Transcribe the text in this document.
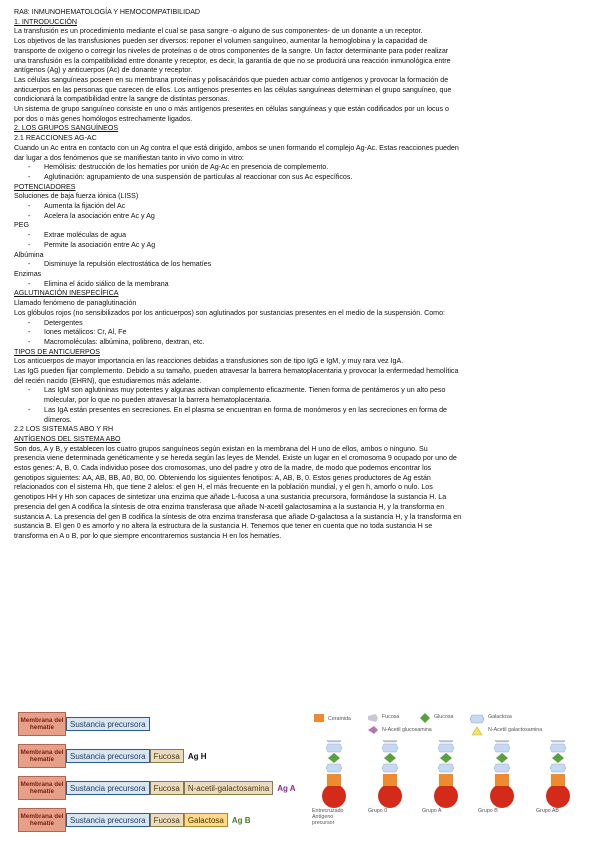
RA8: INMUNOHEMATOLOGÍA Y HEMOCOMPATIBILIDAD
1. INTRODUCCIÓN
La transfusión es un procedimiento mediante el cual se pasa sangre -o alguno de sus componentes- de un donante a un receptor.
Los objetivos de las transfusiones pueden ser diversos: reponer el volumen sanguíneo, aumentar la hemoglobina y la capacidad de
transporte de oxígeno o corregir los niveles de proteínas o de otros componentes de la sangre. Un factor determinante para poder realizar
una transfusión es la compatibilidad entre donante y receptor, es decir, la garantía de que no se producirá una reacción inmunológica entre
antígenos (Ag) y anticuerpos (Ac) de donante y receptor.
Las células sanguíneas poseen en su membrana proteínas y polisacáridos que pueden actuar como antígenos y provocar la formación de
anticuerpos en las personas que carecen de ellos. Los antígenos presentes en las células sanguíneas determinan el grupo sanguíneo, que
condicionará la compatibilidad entre la sangre de distintas personas.
Un sistema de grupo sanguíneo consiste en uno o más antígenos presentes en células sanguíneas y que están codificados por un locus o
por dos o más genes homólogos estrechamente ligados.
2. LOS GRUPOS SANGUÍNEOS
2.1 REACCIONES AG-AC
Cuando un Ac entra en contacto con un Ag contra el que está dirigido, ambos se unen formando el complejo Ag-Ac. Estas reacciones pueden
dar lugar a dos fenómenos que se manifiestan tanto in vivo como in vitro:
- Hemólisis: destrucción de los hematíes por unión de Ag-Ac en presencia de complemento.
- Aglutinación: agrupamiento de una suspensión de partículas al reaccionar con sus Ac específicos.
POTENCIADORES
Soluciones de baja fuerza iónica (LISS)
- Aumenta la fijación del Ac
- Acelera la asociación entre Ac y Ag
PEG
- Extrae moléculas de agua
- Permite la asociación entre Ac y Ag
Albúmina
- Disminuye la repulsión electrostática de los hematíes
Enzimas
- Elimina el ácido siálico de la membrana
AGLUTINACIÓN INESPECÍFICA
Llamado fenómeno de panaglutinación
Los glóbulos rojos (no sensibilizados por los anticuerpos) son aglutinados por sustancias presentes en el medio de la suspensión. Como:
- Detergentes
- Iones metálicos: Cr, Al, Fe
- Macromoléculas: albúmina, polibreno, dextran, etc.
TIPOS DE ANTICUERPOS
Los anticuerpos de mayor importancia en las reacciones debidas a transfusiones son de tipo IgG e IgM, y muy rara vez IgA.
Las IgG pueden fijar complemento. Debido a su tamaño, pueden atravesar la barrera hematoplacentaria y provocar la enfermedad hemolítica
del recién nacido (EHRN), que estudiaremos más adelante.
- Las IgM son aglutininas muy potentes y algunas activan complemento eficazmente. Tienen forma de pentámeros y un alto peso
molecular, por lo que no pueden atravesar la barrera hematoplacentaria.
- Las IgA están presentes en secreciones. En el plasma se encuentran en forma de monómeros y en las secreciones en forma de
dímeros.
2.2 LOS SISTEMAS ABO Y RH
ANTÍGENOS DEL SISTEMA ABO
Son dos, A y B, y establecen los cuatro grupos sanguíneos según existan en la membrana del H uno de ellos, ambos o ninguno. Su
presencia viene determinada genéticamente y se hereda según las leyes de Mendel. Existe un lugar en el cromosoma 9 ocupado por uno de
estos genes: A, B, 0. Cada individuo posee dos cromosomas, uno del padre y otro de la madre, de modo que podemos encontrar los
genotipos siguientes: AA, AB, BB, A0, B0, 00. Obteniendo los siguientes fenotipos: A, AB, B, 0. Estos genes productores de Ag están
relacionados con el sistema Hh, que tiene 2 alelos: el gen H, el más frecuente en la población mundial, y el gen h, amorfo o nulo. Los
genotipos HH y Hh son capaces de sintetizar una enzima que añade L-fucosa a una sustancia precursora, formándose la sustancia H. La
presencia del gen A codifica la síntesis de otra enzima transferasa que añade N-acetil galactosamina a la sustancia H, y la transforma en
sustancia A. La presencia del gen B codifica la síntesis de otra enzima transferasa que añade D-galactosa a la sustancia H, y la transforma en
sustancia B. El gen 0 es amorfo y no altera la estructura de la sustancia H. Tenemos que tener en cuenta que no toda sustancia H se
transforma en A o B, por lo que siempre encontraremos sustancia H en los hematíes.
Membrana del hematíe	Sustancia precursora
Membrana del hematíe	Sustancia precursora	Fucosa	Ag H
Membrana del hematíe	Sustancia precursora	Fucosa	N-acetil-galactosamina	Ag A
Membrana del hematíe	Sustancia precursora	Fucosa	Galactosa	Ag B
Ceramida	Fucosa	Glucosa	Galactosa
N-Acetil glucosamina	N-Acetil galactosamina
Entrecruzado Antígeno precursor
Grupo 0	Grupo A	Grupo B	Grupo AB
